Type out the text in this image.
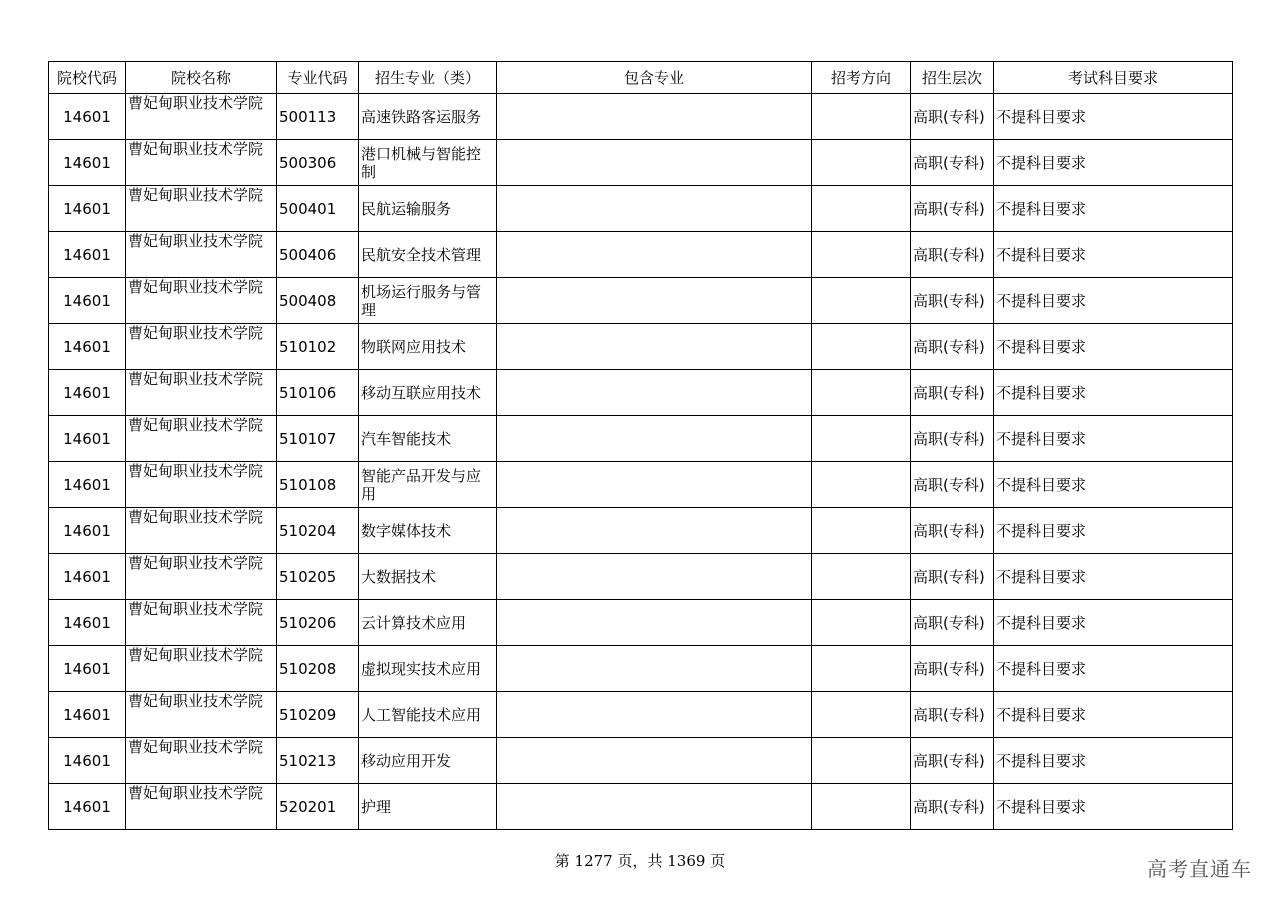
院校代码	院校名称	专业代码	招生专业（类）	包含专业	招考方向	招生层次	考试科目要求
14601	曹妃甸职业技术学院	500113	高速铁路客运服务			高职(专科)	不提科目要求
14601	曹妃甸职业技术学院	500306	港口机械与智能控制			高职(专科)	不提科目要求
14601	曹妃甸职业技术学院	500401	民航运输服务			高职(专科)	不提科目要求
14601	曹妃甸职业技术学院	500406	民航安全技术管理			高职(专科)	不提科目要求
14601	曹妃甸职业技术学院	500408	机场运行服务与管理			高职(专科)	不提科目要求
14601	曹妃甸职业技术学院	510102	物联网应用技术			高职(专科)	不提科目要求
14601	曹妃甸职业技术学院	510106	移动互联应用技术			高职(专科)	不提科目要求
14601	曹妃甸职业技术学院	510107	汽车智能技术			高职(专科)	不提科目要求
14601	曹妃甸职业技术学院	510108	智能产品开发与应用			高职(专科)	不提科目要求
14601	曹妃甸职业技术学院	510204	数字媒体技术			高职(专科)	不提科目要求
14601	曹妃甸职业技术学院	510205	大数据技术			高职(专科)	不提科目要求
14601	曹妃甸职业技术学院	510206	云计算技术应用			高职(专科)	不提科目要求
14601	曹妃甸职业技术学院	510208	虚拟现实技术应用			高职(专科)	不提科目要求
14601	曹妃甸职业技术学院	510209	人工智能技术应用			高职(专科)	不提科目要求
14601	曹妃甸职业技术学院	510213	移动应用开发			高职(专科)	不提科目要求
14601	曹妃甸职业技术学院	520201	护理			高职(专科)	不提科目要求
第 1277 页，共 1369 页	高考直通车
